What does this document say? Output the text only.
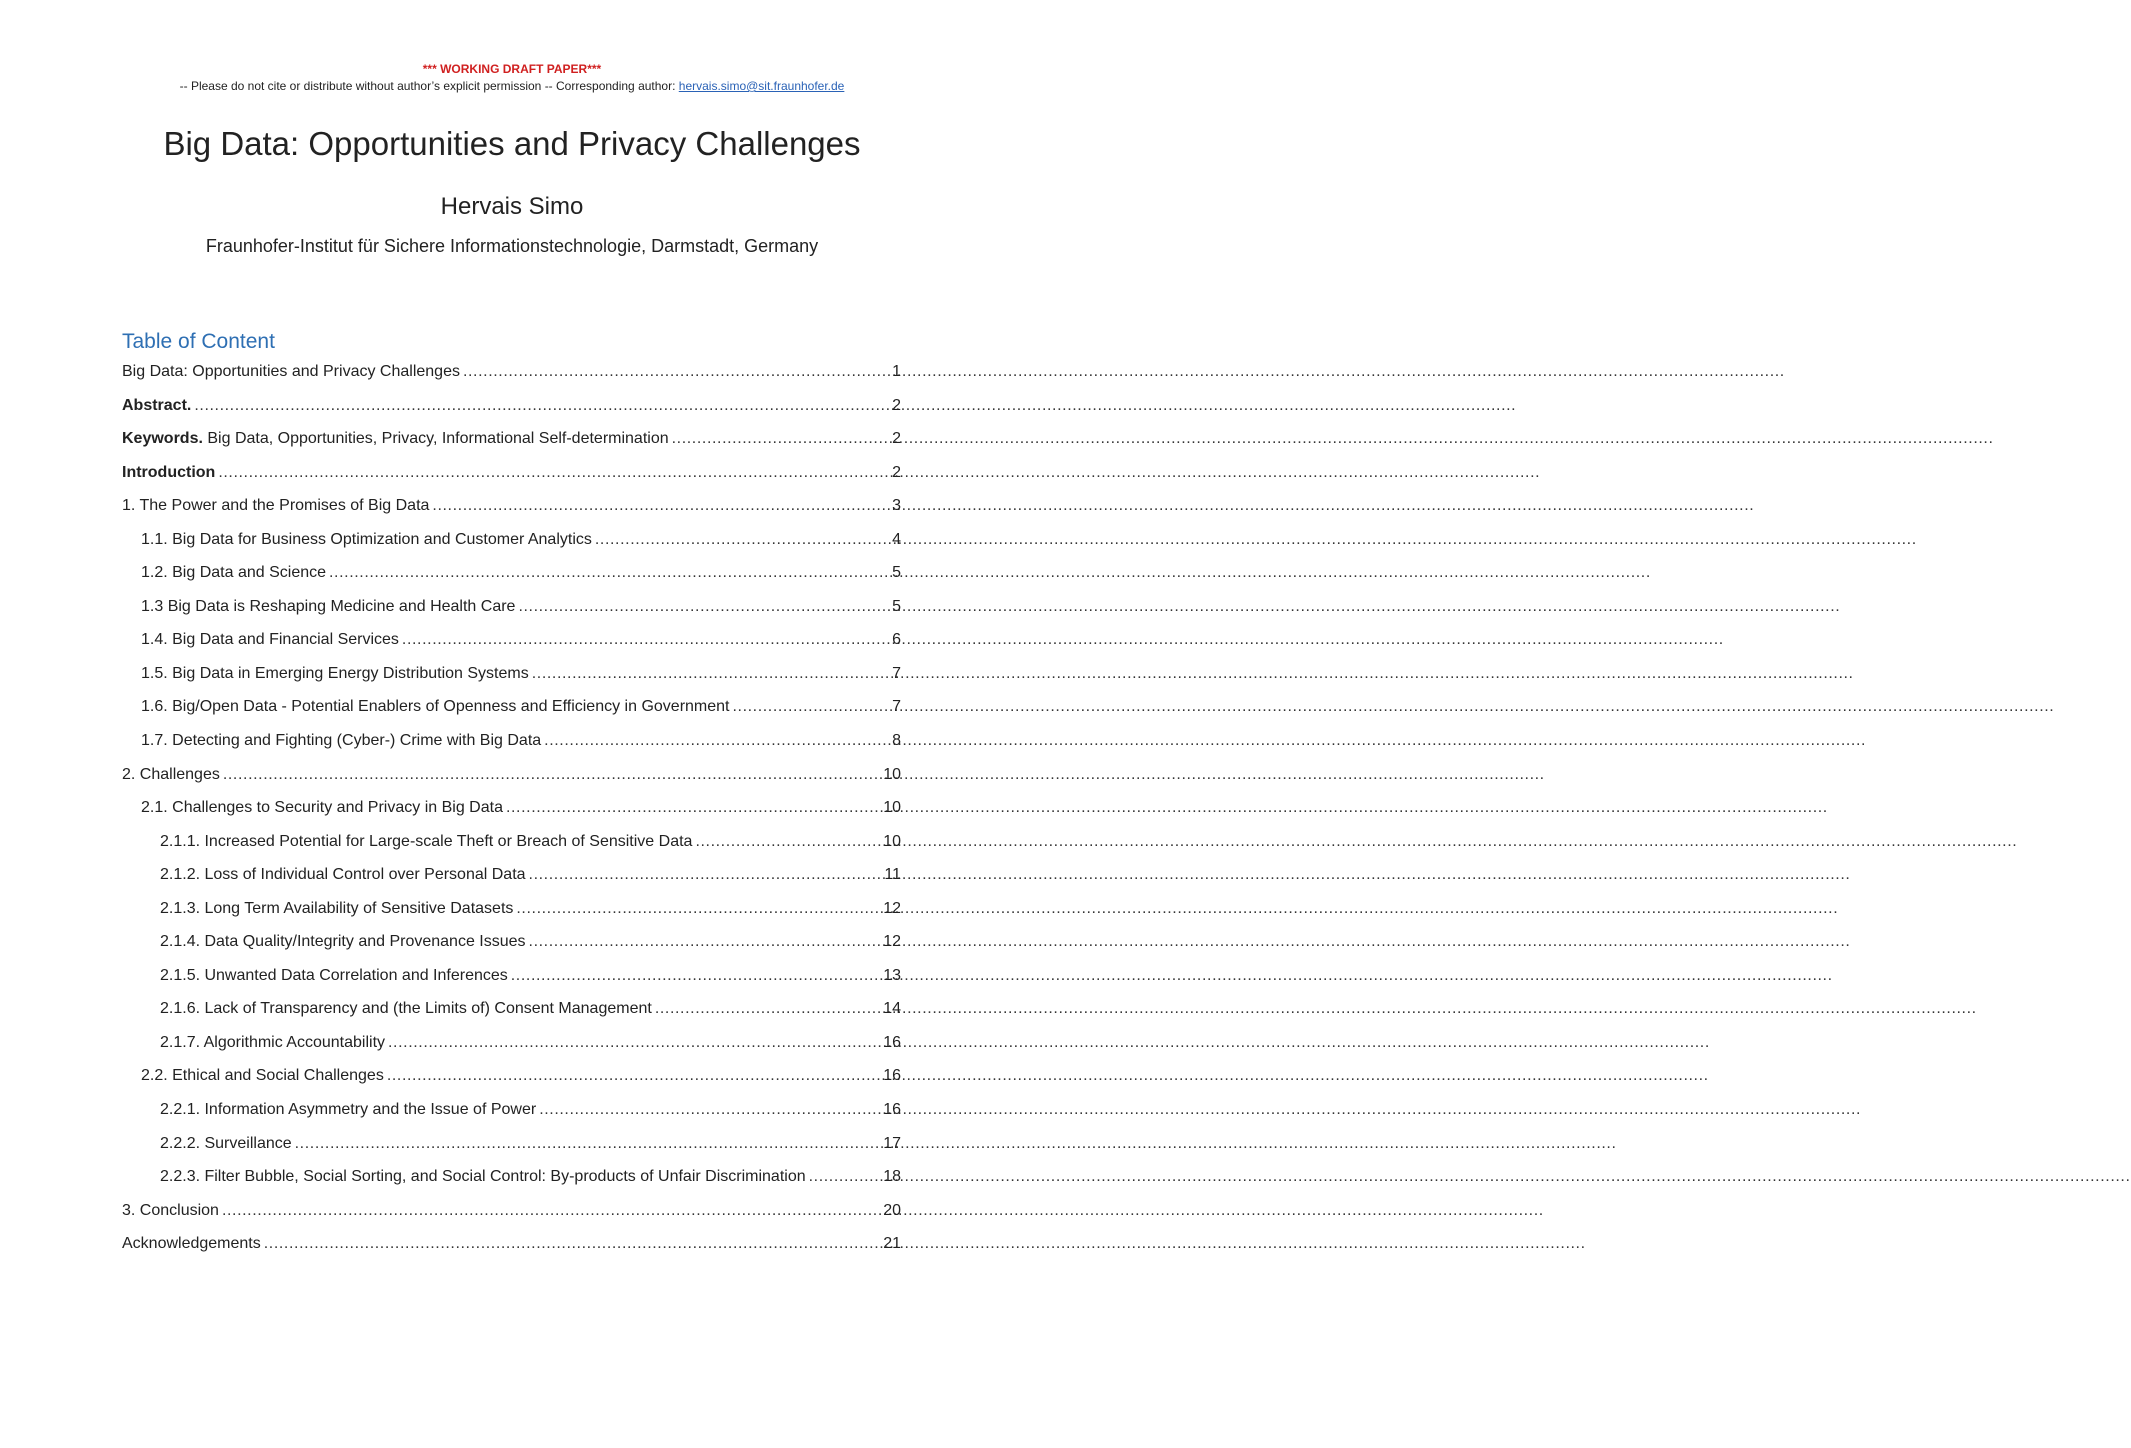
*** WORKING DRAFT PAPER***
-- Please do not cite or distribute without author’s explicit permission -- Corresponding author: hervais.simo@sit.fraunhofer.de
Big Data: Opportunities and Privacy Challenges
Hervais Simo
Fraunhofer-Institut für Sichere Informationstechnologie, Darmstadt, Germany
Table of Content
Big Data: Opportunities and Privacy Challenges .....	1
Abstract. .....	2
Keywords. Big Data, Opportunities, Privacy, Informational Self-determination .....	2
Introduction .....	2
1. The Power and the Promises of Big Data .....	3
1.1. Big Data for Business Optimization and Customer Analytics .....	4
1.2. Big Data and Science .....	5
1.3 Big Data is Reshaping Medicine and Health Care .....	5
1.4. Big Data and Financial Services .....	6
1.5. Big Data in Emerging Energy Distribution Systems .....	7
1.6. Big/Open Data - Potential Enablers of Openness and Efficiency in Government .....	7
1.7. Detecting and Fighting (Cyber-) Crime with Big Data .....	8
2. Challenges .....	10
2.1. Challenges to Security and Privacy in Big Data .....	10
2.1.1. Increased Potential for Large-scale Theft or Breach of Sensitive Data .....	10
2.1.2. Loss of Individual Control over Personal Data .....	11
2.1.3. Long Term Availability of Sensitive Datasets .....	12
2.1.4. Data Quality/Integrity and Provenance Issues .....	12
2.1.5. Unwanted Data Correlation and Inferences .....	13
2.1.6. Lack of Transparency and (the Limits of) Consent Management .....	14
2.1.7. Algorithmic Accountability .....	16
2.2. Ethical and Social Challenges .....	16
2.2.1. Information Asymmetry and the Issue of Power .....	16
2.2.2. Surveillance .....	17
2.2.3. Filter Bubble, Social Sorting, and Social Control: By-products of Unfair Discrimination .....	18
3. Conclusion .....	20
Acknowledgements .....	21
